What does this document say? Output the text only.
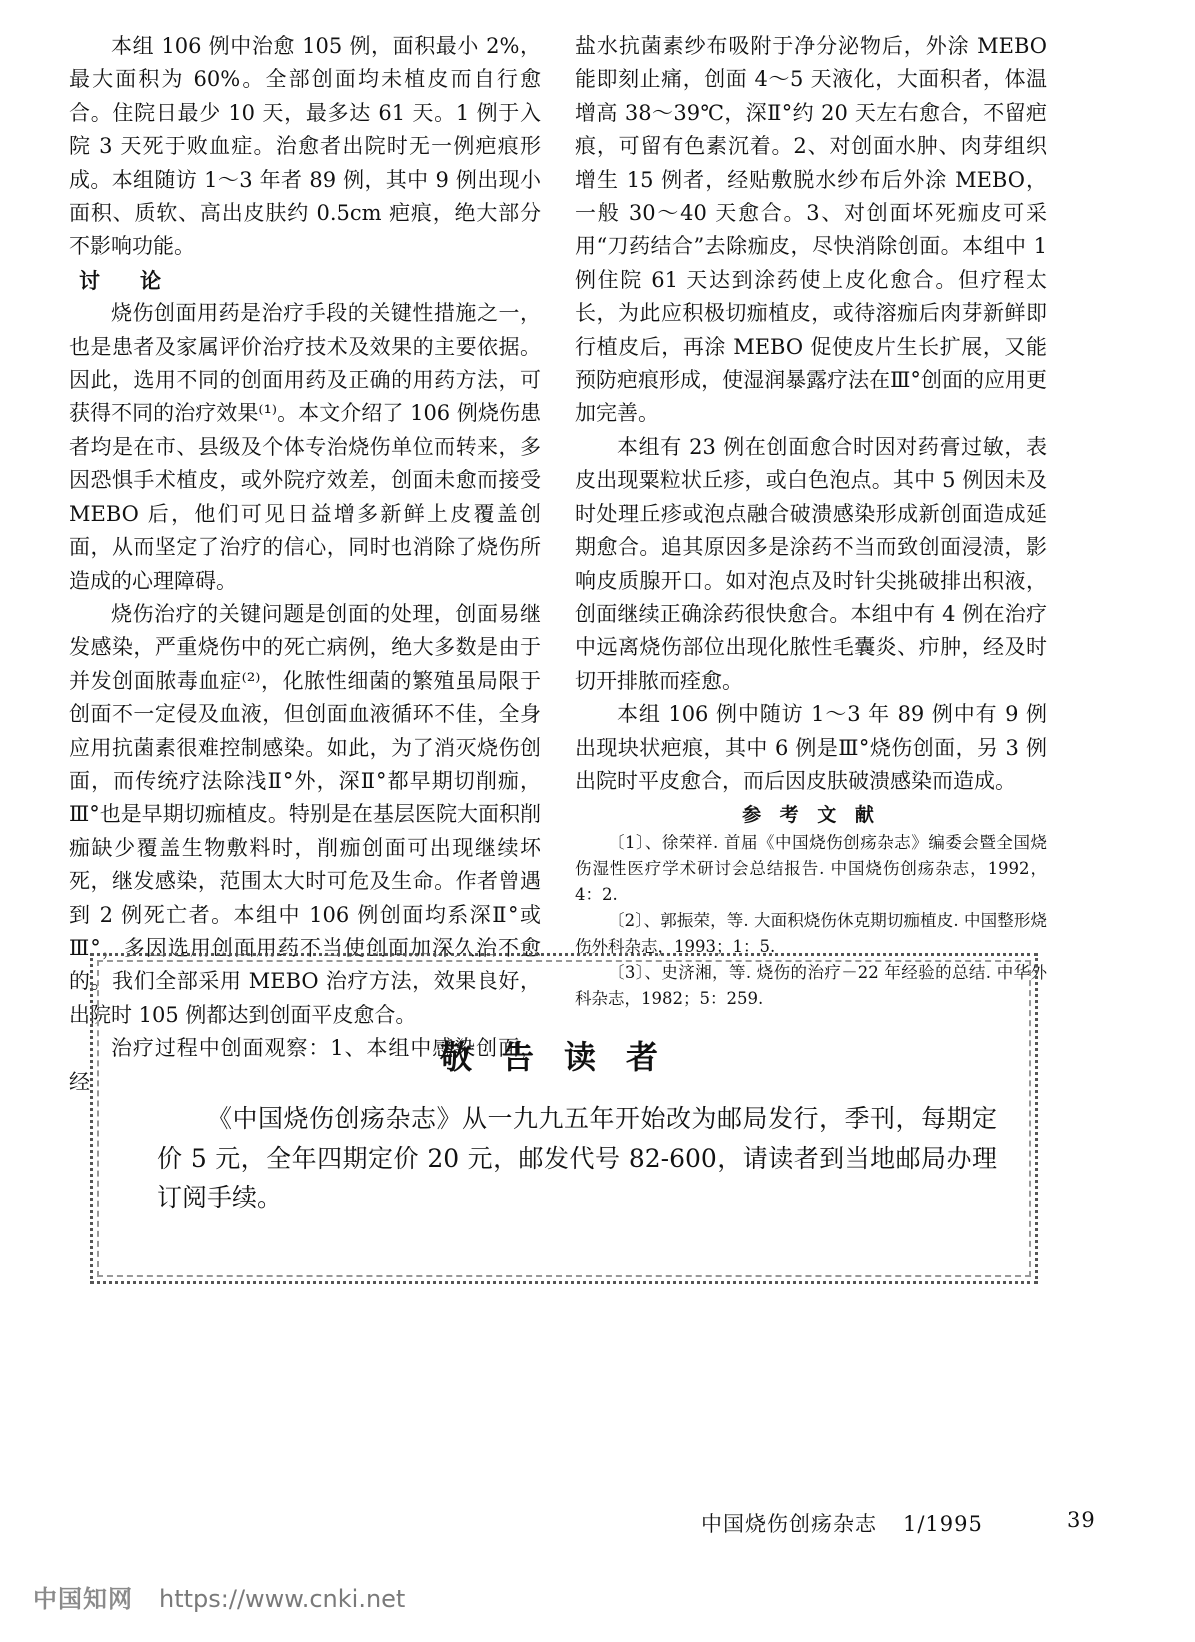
本组 106 例中治愈 105 例，面积最小 2%，最大面积为 60%。全部创面均未植皮而自行愈合。住院日最少 10 天，最多达 61 天。1 例于入院 3 天死于败血症。治愈者出院时无一例疤痕形成。本组随访 1～3 年者 89 例，其中 9 例出现小面积、质软、高出皮肤约 0.5cm 疤痕，绝大部分不影响功能。

讨 论

烧伤创面用药是治疗手段的关键性措施之一，也是患者及家属评价治疗技术及效果的主要依据。因此，选用不同的创面用药及正确的用药方法，可获得不同的治疗效果⁽¹⁾。本文介绍了 106 例烧伤患者均是在市、县级及个体专治烧伤单位而转来，多因恐惧手术植皮，或外院疗效差，创面未愈而接受 MEBO 后，他们可见日益增多新鲜上皮覆盖创面，从而坚定了治疗的信心，同时也消除了烧伤所造成的心理障碍。

烧伤治疗的关键问题是创面的处理，创面易继发感染，严重烧伤中的死亡病例，绝大多数是由于并发创面脓毒血症⁽²⁾，化脓性细菌的繁殖虽局限于创面不一定侵及血液，但创面血液循环不佳，全身应用抗菌素很难控制感染。如此，为了消灭烧伤创面，而传统疗法除浅Ⅱ°外，深Ⅱ°都早期切削痂，Ⅲ°也是早期切痂植皮。特别是在基层医院大面积削痂缺少覆盖生物敷料时，削痂创面可出现继续坏死，继发感染，范围太大时可危及生命。作者曾遇到 2 例死亡者。本组中 106 例创面均系深Ⅱ°或Ⅲ°，多因选用创面用药不当使创面加深久治不愈的。我们全部采用 MEBO 治疗方法，效果良好，出院时 105 例都达到创面平皮愈合。

治疗过程中创面观察：1、本组中感染创面，经

盐水抗菌素纱布吸附于净分泌物后，外涂 MEBO 能即刻止痛，创面 4～5 天液化，大面积者，体温增高 38～39℃，深Ⅱ°约 20 天左右愈合，不留疤痕，可留有色素沉着。2、对创面水肿、肉芽组织增生 15 例者，经贴敷脱水纱布后外涂 MEBO，一般 30～40 天愈合。3、对创面坏死痂皮可采用“刀药结合”去除痂皮，尽快消除创面。本组中 1 例住院 61 天达到涂药使上皮化愈合。但疗程太长，为此应积极切痂植皮，或待溶痂后肉芽新鲜即行植皮后，再涂 MEBO 促使皮片生长扩展，又能预防疤痕形成，使湿润暴露疗法在Ⅲ°创面的应用更加完善。

本组有 23 例在创面愈合时因对药膏过敏，表皮出现粟粒状丘疹，或白色泡点。其中 5 例因未及时处理丘疹或泡点融合破溃感染形成新创面造成延期愈合。追其原因多是涂药不当而致创面浸渍，影响皮质腺开口。如对泡点及时针尖挑破排出积液，创面继续正确涂药很快愈合。本组中有 4 例在治疗中远离烧伤部位出现化脓性毛囊炎、疖肿，经及时切开排脓而痊愈。

本组 106 例中随访 1～3 年 89 例中有 9 例出现块状疤痕，其中 6 例是Ⅲ°烧伤创面，另 3 例出院时平皮愈合，而后因皮肤破溃感染而造成。

参 考 文 献

〔1〕、徐荣祥. 首届《中国烧伤创疡杂志》编委会暨全国烧伤湿性医疗学术研讨会总结报告. 中国烧伤创疡杂志，1992，4：2.

〔2〕、郭振荣，等. 大面积烧伤休克期切痂植皮. 中国整形烧伤外科杂志，1993；1：5.

〔3〕、史济湘，等. 烧伤的治疗－22 年经验的总结. 中华外科杂志，1982；5：259.

敬告读者
《中国烧伤创疡杂志》从一九九五年开始改为邮局发行，季刊，每期定价 5 元，全年四期定价 20 元，邮发代号 82-600，请读者到当地邮局办理订阅手续。
中国烧伤创疡杂志 1/1995	39
中国知网 https://www.cnki.net
